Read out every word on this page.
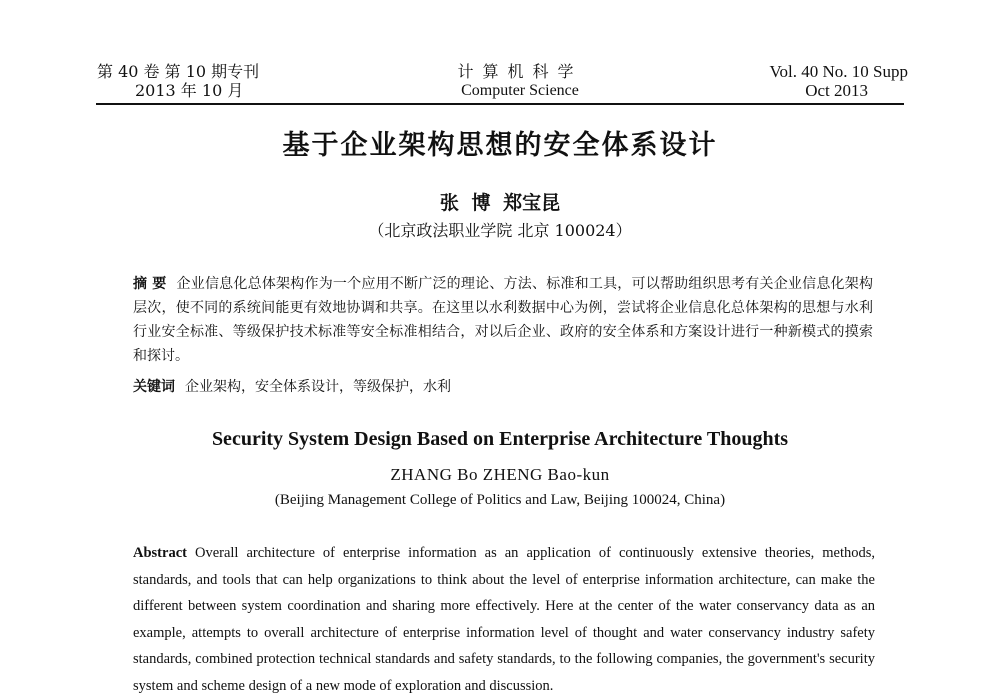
第 40 卷 第 10 期专刊
2013 年 10 月
计算机科学
Computer Science
Vol. 40 No. 10 Supp
Oct 2013
基于企业架构思想的安全体系设计
张 博 郑宝昆
（北京政法职业学院 北京 100024）
摘 要 企业信息化总体架构作为一个应用不断广泛的理论、方法、标准和工具，可以帮助组织思考有关企业信息化架构层次，使不同的系统间能更有效地协调和共享。在这里以水利数据中心为例，尝试将企业信息化总体架构的思想与水利行业安全标准、等级保护技术标准等安全标准相结合，对以后企业、政府的安全体系和方案设计进行一种新模式的摸索和探讨。
关键词 企业架构，安全体系设计，等级保护，水利
Security System Design Based on Enterprise Architecture Thoughts
ZHANG Bo ZHENG Bao-kun
(Beijing Management College of Politics and Law, Beijing 100024, China)
Abstract Overall architecture of enterprise information as an application of continuously extensive theories, methods, standards, and tools that can help organizations to think about the level of enterprise information architecture, can make the different between system coordination and sharing more effectively. Here at the center of the water conservancy data as an example, attempts to overall architecture of enterprise information level of thought and water conservancy industry safety standards, combined protection technical standards and safety standards, to the following companies, the government's security system and scheme design of a new mode of exploration and discussion.
